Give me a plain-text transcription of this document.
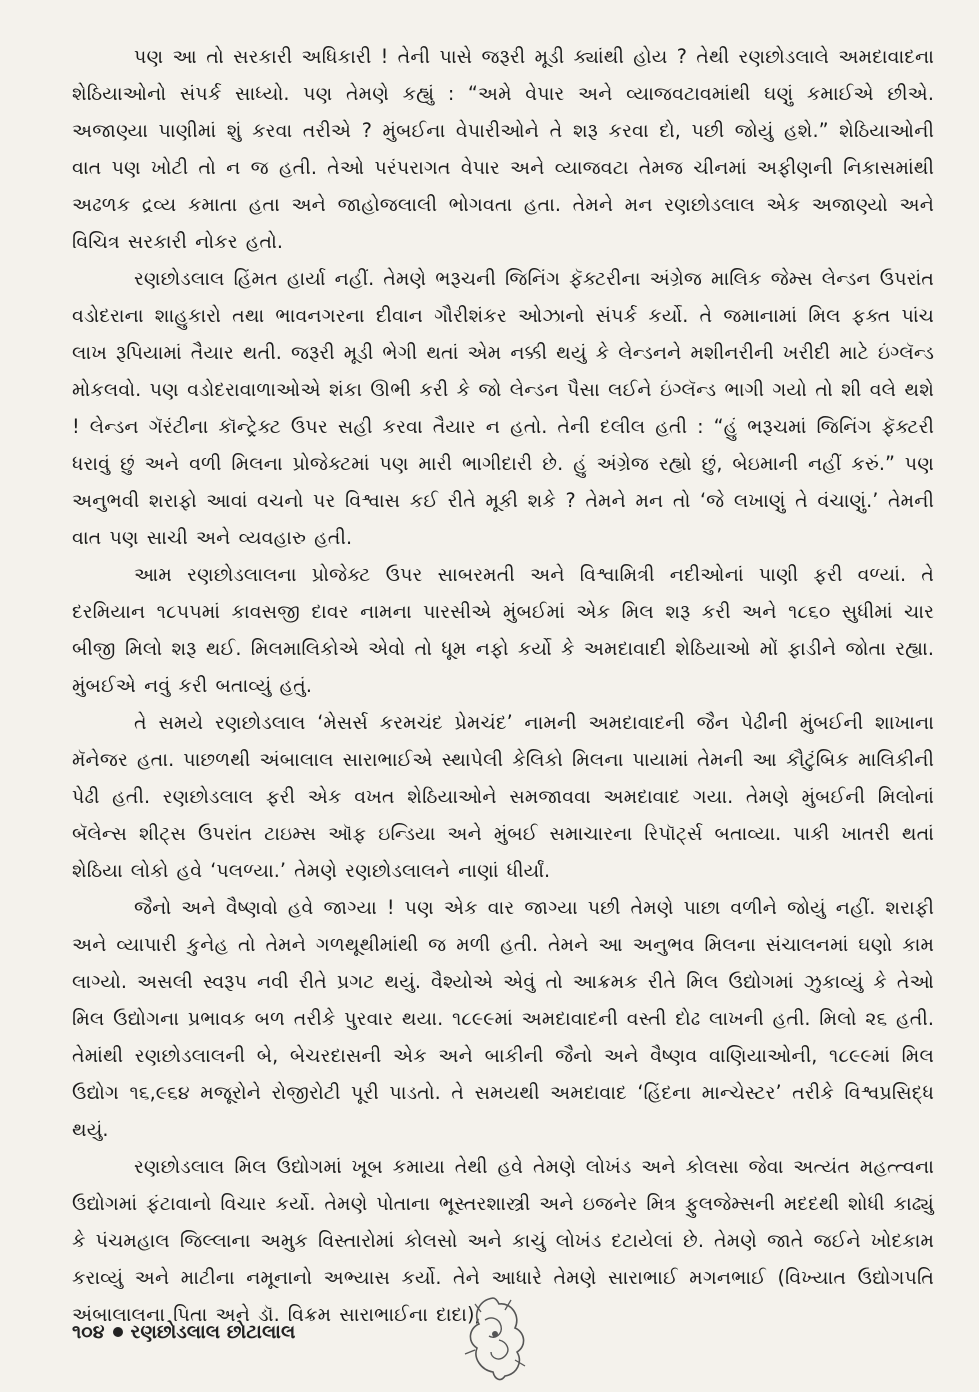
પણ આ તો સરકારી અધિકારી ! તેની પાસે જરૂરી મૂડી ક્યાંથી હોય ? તેથી રણછોડલાલે અમદાવાદના શેઠિયાઓનો સંપર્ક સાધ્યો. પણ તેમણે કહ્યું : “અમે વેપાર અને વ્યાજવટાવમાંથી ઘણું કમાઈએ છીએ. અજાણ્યા પાણીમાં શું કરવા તરીએ ? મુંબઈના વેપારીઓને તે શરૂ કરવા દો, પછી જોયું હશે.” શેઠિયાઓની વાત પણ ખોટી તો ન જ હતી. તેઓ પરંપરાગત વેપાર અને વ્યાજવટા તેમજ ચીનમાં અફીણની નિકાસમાંથી અઢળક દ્રવ્ય કમાતા હતા અને જાહોજલાલી ભોગવતા હતા. તેમને મન રણછોડલાલ એક અજાણ્યો અને વિચિત્ર સરકારી નોકર હતો.

રણછોડલાલ હિંમત હાર્યા નહીં. તેમણે ભરૂચની જિનિંગ ફૅક્ટરીના અંગ્રેજ માલિક જેમ્સ લેન્ડન ઉપરાંત વડોદરાના શાહુકારો તથા ભાવનગરના દીવાન ગૌરીશંકર ઓઝાનો સંપર્ક કર્યો. તે જમાનામાં મિલ ફક્ત પાંચ લાખ રૂપિયામાં તૈયાર થતી. જરૂરી મૂડી ભેગી થતાં એમ નક્કી થયું કે લેન્ડનને મશીનરીની ખરીદી માટે ઇંગ્લૅન્ડ મોકલવો. પણ વડોદરાવાળાઓએ શંકા ઊભી કરી કે જો લેન્ડન પૈસા લઈને ઇંગ્લૅન્ડ ભાગી ગયો તો શી વલે થશે ! લેન્ડન ગૅરંટીના કૉન્ટ્રેક્ટ ઉપર સહી કરવા તૈયાર ન હતો. તેની દલીલ હતી : “હું ભરૂચમાં જિનિંગ ફૅક્ટરી ધરાવું છું અને વળી મિલના પ્રોજેક્ટમાં પણ મારી ભાગીદારી છે. હું અંગ્રેજ રહ્યો છું, બેઇમાની નહીં કરું.” પણ અનુભવી શરાફો આવાં વચનો પર વિશ્વાસ કઈ રીતે મૂકી શકે ? તેમને મન તો ‘જે લખાણું તે વંચાણું.’ તેમની વાત પણ સાચી અને વ્યવહારુ હતી.

આમ રણછોડલાલના પ્રોજેક્ટ ઉપર સાબરમતી અને વિશ્વામિત્રી નદીઓનાં પાણી ફરી વળ્યાં. તે દરમિયાન ૧૮૫૫માં કાવસજી દાવર નામના પારસીએ મુંબઈમાં એક મિલ શરૂ કરી અને ૧૮૬૦ સુધીમાં ચાર બીજી મિલો શરૂ થઈ. મિલમાલિકોએ એવો તો ધૂમ નફો કર્યો કે અમદાવાદી શેઠિયાઓ મોં ફાડીને જોતા રહ્યા. મુંબઈએ નવું કરી બતાવ્યું હતું.

તે સમયે રણછોડલાલ ‘મેસર્સ કરમચંદ પ્રેમચંદ’ નામની અમદાવાદની જૈન પેઢીની મુંબઈની શાખાના મૅનેજર હતા. પાછળથી અંબાલાલ સારાભાઈએ સ્થાપેલી કેલિકો મિલના પાયામાં તેમની આ કૌટુંબિક માલિકીની પેઢી હતી. રણછોડલાલ ફરી એક વખત શેઠિયાઓને સમજાવવા અમદાવાદ ગયા. તેમણે મુંબઈની મિલોનાં બૅલેન્સ શીટ્સ ઉપરાંત ટાઇમ્સ ઑફ ઇન્ડિયા અને મુંબઈ સમાચારના રિપૉર્ટ્સ બતાવ્યા. પાકી ખાતરી થતાં શેઠિયા લોકો હવે ‘પલળ્યા.’ તેમણે રણછોડલાલને નાણાં ધીર્યાં.

જૈનો અને વૈષ્ણવો હવે જાગ્યા ! પણ એક વાર જાગ્યા પછી તેમણે પાછા વળીને જોયું નહીં. શરાફી અને વ્યાપારી કુનેહ તો તેમને ગળથૂથીમાંથી જ મળી હતી. તેમને આ અનુભવ મિલના સંચાલનમાં ઘણો કામ લાગ્યો. અસલી સ્વરૂપ નવી રીતે પ્રગટ થયું. વૈશ્યોએ એવું તો આક્રમક રીતે મિલ ઉદ્યોગમાં ઝુકાવ્યું કે તેઓ મિલ ઉદ્યોગના પ્રભાવક બળ તરીકે પુરવાર થયા. ૧૮૯૯માં અમદાવાદની વસ્તી દોઢ લાખની હતી. મિલો ૨૬ હતી. તેમાંથી રણછોડલાલની બે, બેચરદાસની એક અને બાકીની જૈનો અને વૈષ્ણવ વાણિયાઓની, ૧૮૯૯માં મિલ ઉદ્યોગ ૧૬,૯૬૪ મજૂરોને રોજીરોટી પૂરી પાડતો. તે સમયથી અમદાવાદ ‘હિંદના માન્ચેસ્ટર’ તરીકે વિશ્વપ્રસિદ્ધ થયું.

રણછોડલાલ મિલ ઉદ્યોગમાં ખૂબ કમાયા તેથી હવે તેમણે લોખંડ અને કોલસા જેવા અત્યંત મહત્ત્વના ઉદ્યોગમાં ફંટાવાનો વિચાર કર્યો. તેમણે પોતાના ભૂસ્તરશાસ્ત્રી અને ઇજનેર મિત્ર ફુલજેમ્સની મદદથી શોધી કાઢ્યું કે પંચમહાલ જિલ્લાના અમુક વિસ્તારોમાં કોલસો અને કાચું લોખંડ દટાયેલાં છે. તેમણે જાતે જઈને ખોદકામ કરાવ્યું અને માટીના નમૂનાનો અભ્યાસ કર્યો. તેને આધારે તેમણે સારાભાઈ મગનભાઈ (વિખ્યાત ઉદ્યોગપતિ અંબાલાલના પિતા અને ડૉ. વિક્રમ સારાભાઈના દાદા),

૧૦૪ રણછોડલાલ છોટાલાલ
